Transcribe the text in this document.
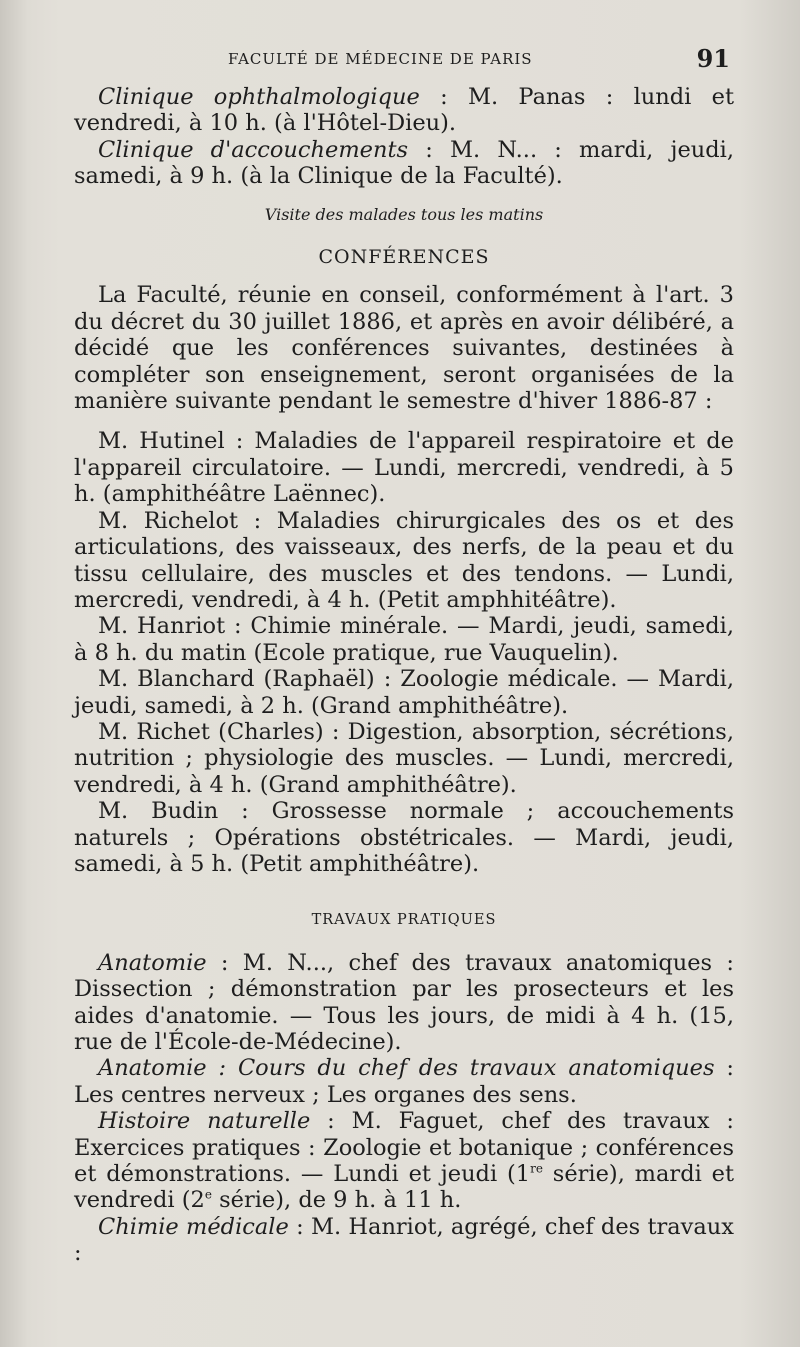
FACULTÉ DE MÉDECINE DE PARIS	91

Clinique ophthalmologique : M. Panas : lundi et vendredi, à 10 h. (à l'Hôtel-Dieu).

Clinique d'accouchements : M. N... : mardi, jeudi, samedi, à 9 h. (à la Clinique de la Faculté).

Visite des malades tous les matins

CONFÉRENCES

La Faculté, réunie en conseil, conformément à l'art. 3 du décret du 30 juillet 1886, et après en avoir délibéré, a décidé que les conférences suivantes, destinées à compléter son enseignement, seront organisées de la manière suivante pendant le semestre d'hiver 1886-87 :

M. Hutinel : Maladies de l'appareil respiratoire et de l'appareil circulatoire. — Lundi, mercredi, vendredi, à 5 h. (amphithéâtre Laënnec).

M. Richelot : Maladies chirurgicales des os et des articulations, des vaisseaux, des nerfs, de la peau et du tissu cellulaire, des muscles et des tendons. — Lundi, mercredi, vendredi, à 4 h. (Petit amphhitéâtre).

M. Hanriot : Chimie minérale. — Mardi, jeudi, samedi, à 8 h. du matin (Ecole pratique, rue Vauquelin).

M. Blanchard (Raphaël) : Zoologie médicale. — Mardi, jeudi, samedi, à 2 h. (Grand amphithéâtre).

M. Richet (Charles) : Digestion, absorption, sécrétions, nutrition ; physiologie des muscles. — Lundi, mercredi, vendredi, à 4 h. (Grand amphithéâtre).

M. Budin : Grossesse normale ; accouchements naturels ; Opérations obstétricales. — Mardi, jeudi, samedi, à 5 h. (Petit amphithéâtre).

TRAVAUX PRATIQUES

Anatomie : M. N..., chef des travaux anatomiques : Dissection ; démonstration par les prosecteurs et les aides d'anatomie. — Tous les jours, de midi à 4 h. (15, rue de l'École-de-Médecine).

Anatomie : Cours du chef des travaux anatomiques : Les centres nerveux ; Les organes des sens.

Histoire naturelle : M. Faguet, chef des travaux : Exercices pratiques : Zoologie et botanique ; conférences et démonstrations. — Lundi et jeudi (1re série), mardi et vendredi (2e série), de 9 h. à 11 h.

Chimie médicale : M. Hanriot, agrégé, chef des travaux :
